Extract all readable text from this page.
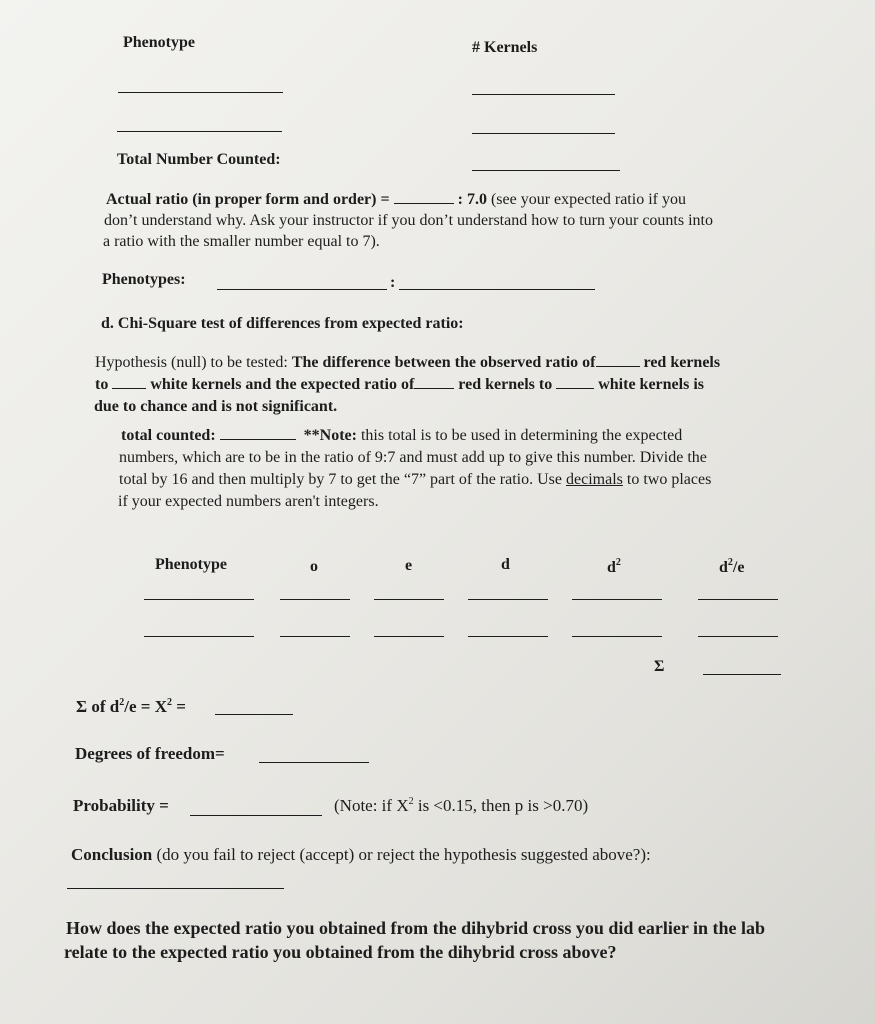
Phenotype	# Kernels
Total Number Counted:
Actual ratio (in proper form and order) =	: 7.0 (see your expected ratio if you
don’t understand why. Ask your instructor if you don’t understand how to turn your counts into
a ratio with the smaller number equal to 7).
Phenotypes:	:
d. Chi-Square test of differences from expected ratio:
Hypothesis (null) to be tested: The difference between the observed ratio of	red kernels
to	white kernels and the expected ratio of	red kernels to	white kernels is
due to chance and is not significant.
total counted:	**Note: this total is to be used in determining the expected
numbers, which are to be in the ratio of 9:7 and must add up to give this number. Divide the
total by 16 and then multiply by 7 to get the “7” part of the ratio. Use decimals to two places
if your expected numbers aren't integers.
Phenotype	o	e	d	$d^2$	$d^2/e$
Σ
Σ of $d^2/e = X^2$ =
Degrees of freedom=
Probability =	(Note: if $X^2$ is <0.15, then p is >0.70)
Conclusion (do you fail to reject (accept) or reject the hypothesis suggested above?):
How does the expected ratio you obtained from the dihybrid cross you did earlier in the lab
relate to the expected ratio you obtained from the dihybrid cross above?
